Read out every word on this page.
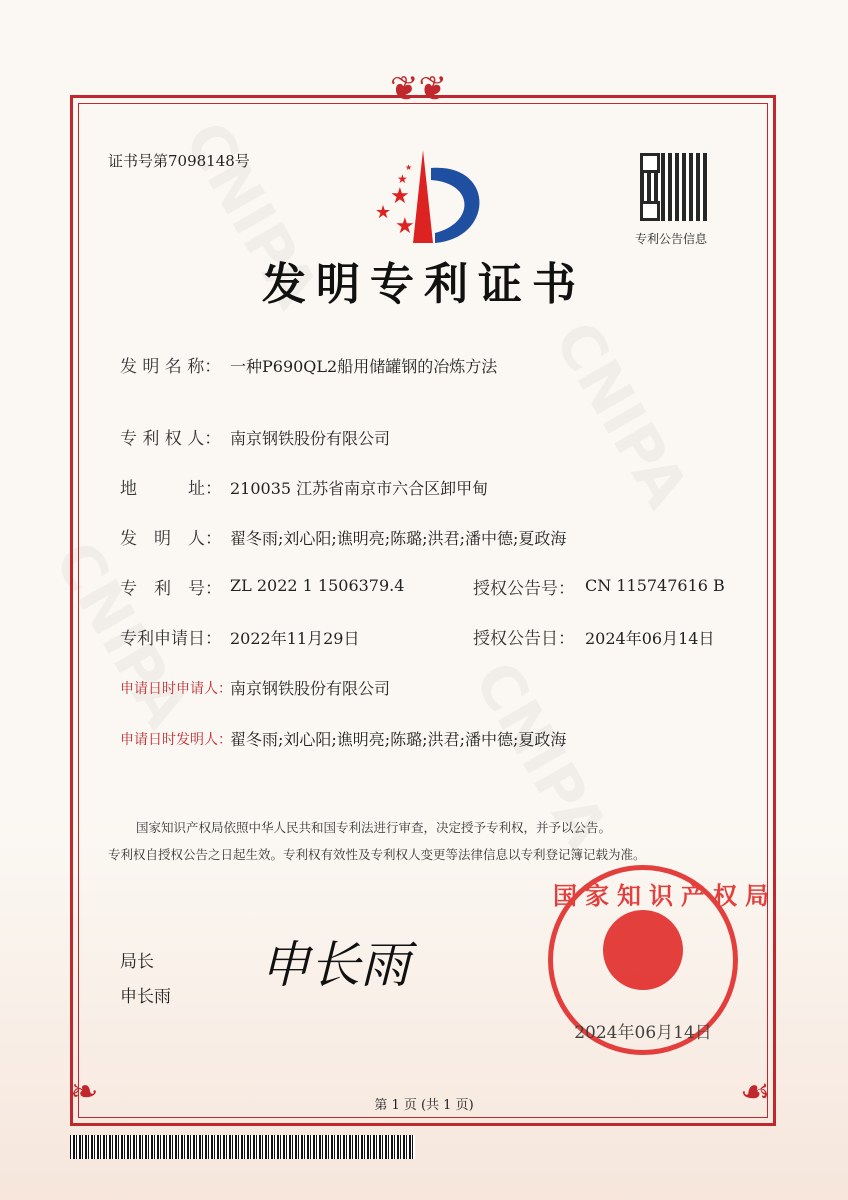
❦❦
❧	☙
证书号第7098148号
★
★
★
★
★
专利公告信息
发明专利证书
发 明 名 称： 一种P690QL2船用储罐钢的冶炼方法
专 利 权 人： 南京钢铁股份有限公司
地　　　址： 210035 江苏省南京市六合区卸甲甸
发　明　人： 翟冬雨;刘心阳;谯明亮;陈璐;洪君;潘中德;夏政海
专　利　号： ZL 2022 1 1506379.4	授权公告号： CN 115747616 B
专利申请日： 2022年11月29日	授权公告日： 2024年06月14日
申请日时申请人：
南京钢铁股份有限公司
申请日时发明人：
翟冬雨;刘心阳;谯明亮;陈璐;洪君;潘中德;夏政海
国家知识产权局依照中华人民共和国专利法进行审查，决定授予专利权，并予以公告。
专利权自授权公告之日起生效。专利权有效性及专利权人变更等法律信息以专利登记簿记载为准。
局长
申长雨
申长雨
国家知识产权局
2024年06月14日
第 1 页 (共 1 页)
